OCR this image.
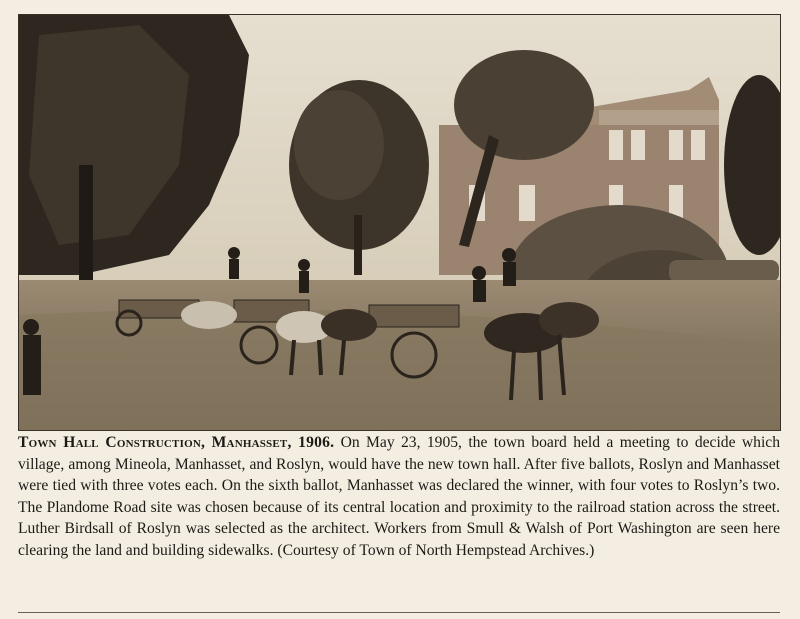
Town Hall Construction, Manhasset, 1906. On May 23, 1905, the town board held a meeting to decide which village, among Mineola, Manhasset, and Roslyn, would have the new town hall. After five ballots, Roslyn and Manhasset were tied with three votes each. On the sixth ballot, Manhasset was declared the winner, with four votes to Roslyn’s two. The Plandome Road site was chosen because of its central location and proximity to the railroad station across the street. Luther Birdsall of Roslyn was selected as the architect. Workers from Smull & Walsh of Port Washington are seen here clearing the land and building sidewalks. (Courtesy of Town of North Hempstead Archives.)
